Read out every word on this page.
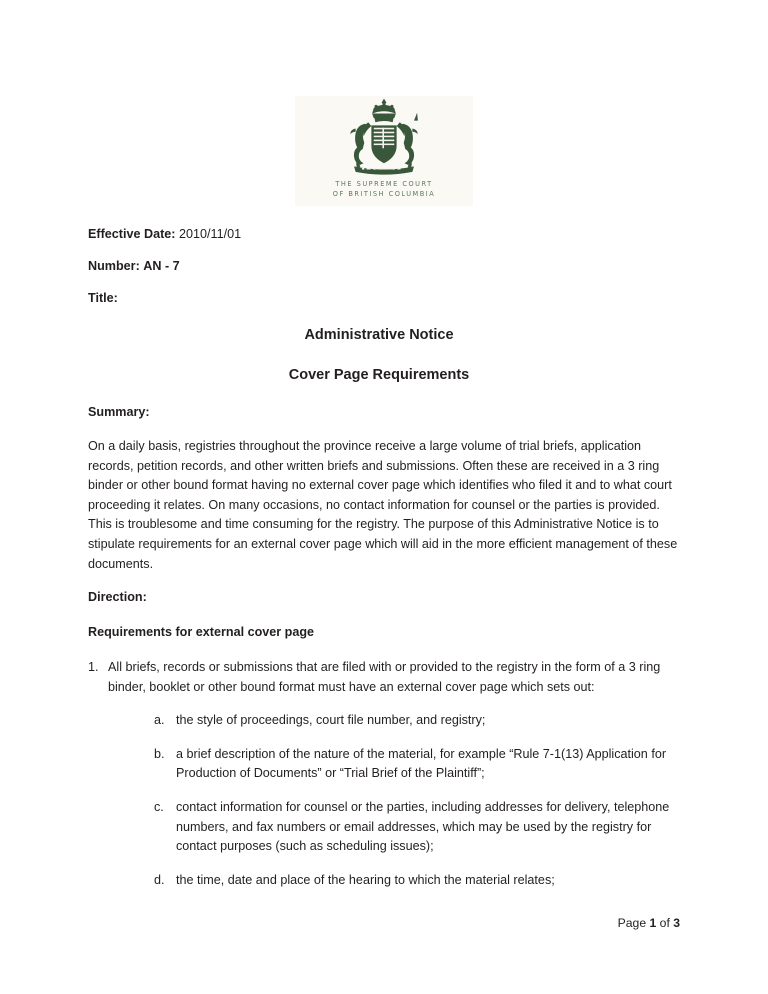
THE SUPREME COURT
OF BRITISH COLUMBIA

Effective Date: 2010/11/01

Number: AN - 7

Title:

Administrative Notice

Cover Page Requirements

Summary:

On a daily basis, registries throughout the province receive a large volume of trial briefs, application records, petition records, and other written briefs and submissions. Often these are received in a 3 ring binder or other bound format having no external cover page which identifies who filed it and to what court proceeding it relates. On many occasions, no contact information for counsel or the parties is provided. This is troublesome and time consuming for the registry. The purpose of this Administrative Notice is to stipulate requirements for an external cover page which will aid in the more efficient management of these documents.

Direction:

Requirements for external cover page

1. All briefs, records or submissions that are filed with or provided to the registry in the form of a 3 ring binder, booklet or other bound format must have an external cover page which sets out:
a. the style of proceedings, court file number, and registry;
b. a brief description of the nature of the material, for example “Rule 7-1(13) Application for Production of Documents” or “Trial Brief of the Plaintiff”;
c. contact information for counsel or the parties, including addresses for delivery, telephone numbers, and fax numbers or email addresses, which may be used by the registry for contact purposes (such as scheduling issues);
d. the time, date and place of the hearing to which the material relates;
Page 1 of 3
